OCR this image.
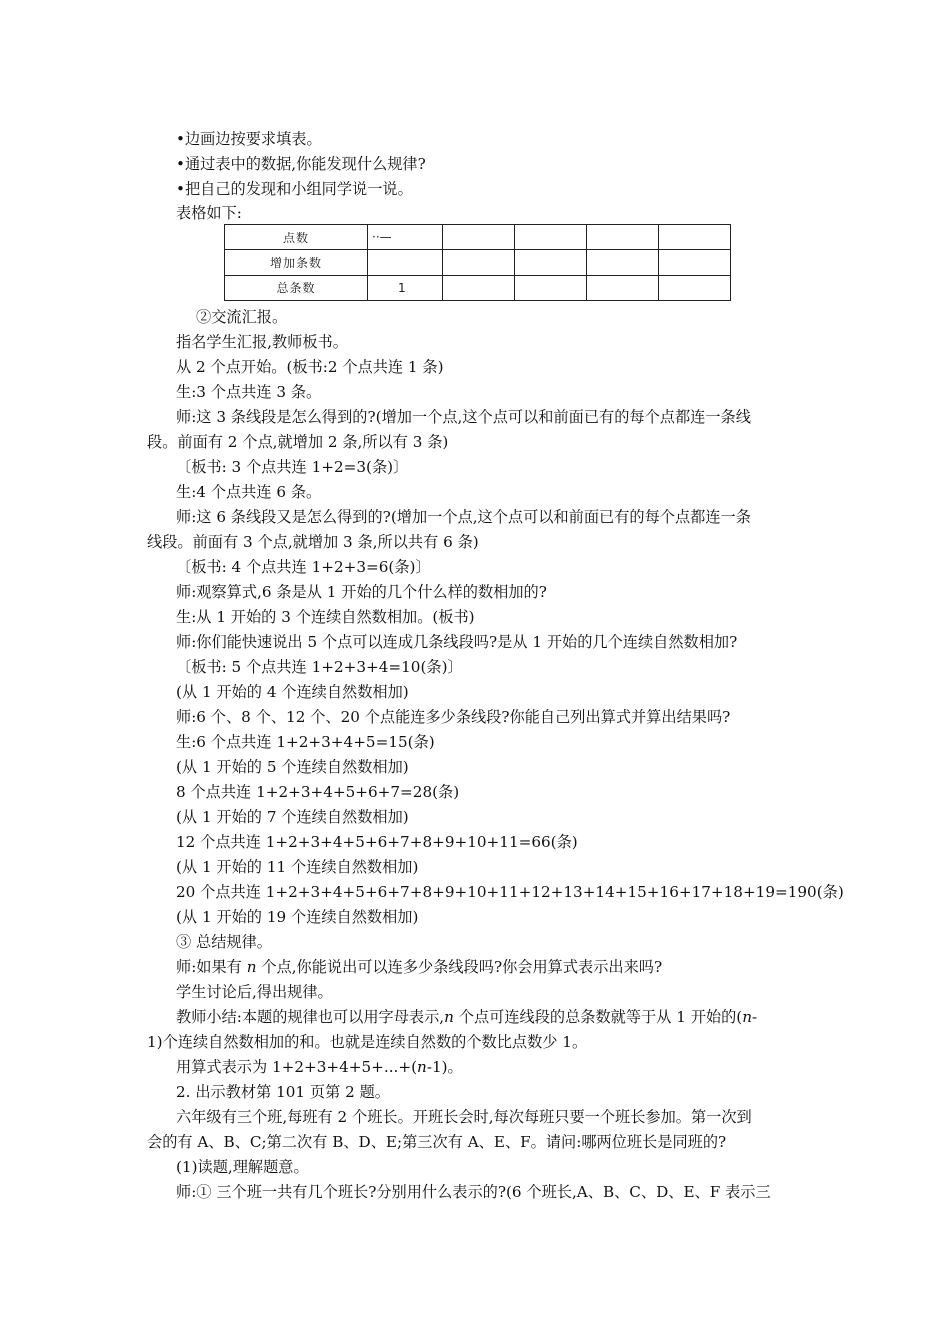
•边画边按要求填表。
•通过表中的数据,你能发现什么规律?
•把自己的发现和小组同学说一说。
表格如下:
点数	··—				
增加条数					
总条数	1				
②交流汇报。
指名学生汇报,教师板书。
从 2 个点开始。(板书:2 个点共连 1 条)
生:3 个点共连 3 条。
师:这 3 条线段是怎么得到的?(增加一个点,这个点可以和前面已有的每个点都连一条线
段。前面有 2 个点,就增加 2 条,所以有 3 条)
〔板书: 3 个点共连 1+2=3(条)〕
生:4 个点共连 6 条。
师:这 6 条线段又是怎么得到的?(增加一个点,这个点可以和前面已有的每个点都连一条
线段。前面有 3 个点,就增加 3 条,所以共有 6 条)
〔板书: 4 个点共连 1+2+3=6(条)〕
师:观察算式,6 条是从 1 开始的几个什么样的数相加的?
生:从 1 开始的 3 个连续自然数相加。(板书)
师:你们能快速说出 5 个点可以连成几条线段吗?是从 1 开始的几个连续自然数相加?
〔板书: 5 个点共连 1+2+3+4=10(条)〕
(从 1 开始的 4 个连续自然数相加)
师:6 个、8 个、12 个、20 个点能连多少条线段?你能自己列出算式并算出结果吗?
生:6 个点共连 1+2+3+4+5=15(条)
(从 1 开始的 5 个连续自然数相加)
8 个点共连 1+2+3+4+5+6+7=28(条)
(从 1 开始的 7 个连续自然数相加)
12 个点共连 1+2+3+4+5+6+7+8+9+10+11=66(条)
(从 1 开始的 11 个连续自然数相加)
20 个点共连 1+2+3+4+5+6+7+8+9+10+11+12+13+14+15+16+17+18+19=190(条)
(从 1 开始的 19 个连续自然数相加)
③ 总结规律。
师:如果有 n 个点,你能说出可以连多少条线段吗?你会用算式表示出来吗?
学生讨论后,得出规律。
教师小结:本题的规律也可以用字母表示,n 个点可连线段的总条数就等于从 1 开始的(n-
1)个连续自然数相加的和。也就是连续自然数的个数比点数少 1。
用算式表示为 1+2+3+4+5+...+(n-1)。
2. 出示教材第 101 页第 2 题。
六年级有三个班,每班有 2 个班长。开班长会时,每次每班只要一个班长参加。第一次到
会的有 A、B、C;第二次有 B、D、E;第三次有 A、E、F。请问:哪两位班长是同班的?
(1)读题,理解题意。
师:① 三个班一共有几个班长?分别用什么表示的?(6 个班长,A、B、C、D、E、F 表示三
